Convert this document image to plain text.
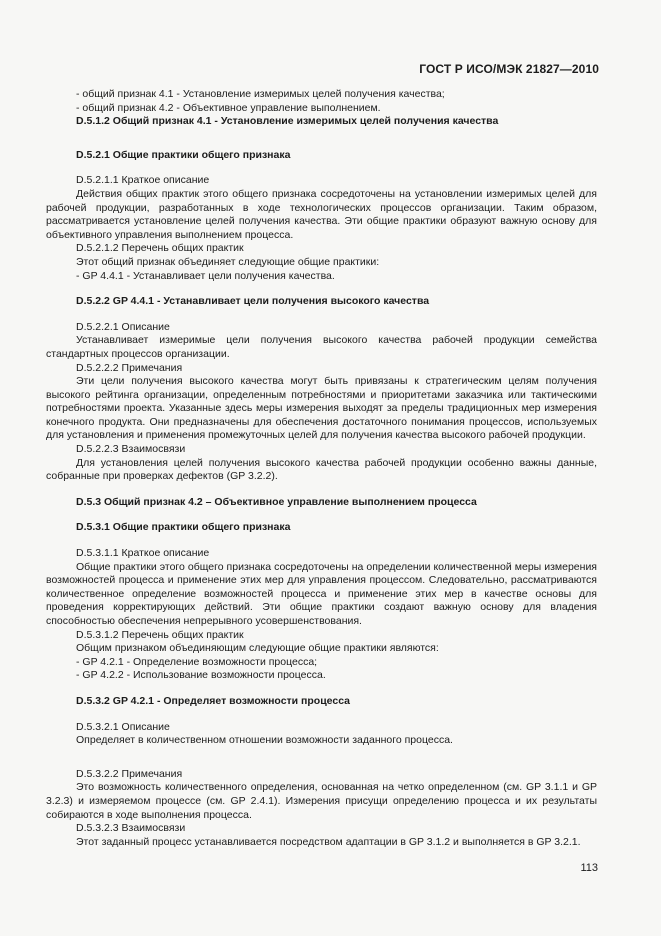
ГОСТ Р ИСО/МЭК 21827—2010

- общий признак 4.1 - Установление измеримых целей получения качества;

- общий признак 4.2 - Объективное управление выполнением.

D.5.1.2 Общий признак 4.1 - Установление измеримых целей получения качества

D.5.2.1 Общие практики общего признака

D.5.2.1.1 Краткое описание

Действия общих практик этого общего признака сосредоточены на установлении измеримых целей для рабочей продукции, разработанных в ходе технологических процессов организации. Таким образом, рассматривается установление целей получения качества. Эти общие практики образуют важную основу для объективного управления выполнением процесса.

D.5.2.1.2 Перечень общих практик

Этот общий признак объединяет следующие общие практики:

- GP 4.4.1 - Устанавливает цели получения качества.

D.5.2.2 GP 4.4.1 - Устанавливает цели получения высокого качества

D.5.2.2.1 Описание

Устанавливает измеримые цели получения высокого качества рабочей продукции семейства стандартных процессов организации.

D.5.2.2.2 Примечания

Эти цели получения высокого качества могут быть привязаны к стратегическим целям получения высокого рейтинга организации, определенным потребностями и приоритетами заказчика или тактическими потребностями проекта. Указанные здесь меры измерения выходят за пределы традиционных мер измерения конечного продукта. Они предназначены для обеспечения достаточного понимания процессов, используемых для установления и применения промежуточных целей для получения качества высокого рабочей продукции.

D.5.2.2.3 Взаимосвязи

Для установления целей получения высокого качества рабочей продукции особенно важны данные, собранные при проверках дефектов (GP 3.2.2).

D.5.3 Общий признак 4.2 – Объективное управление выполнением процесса

D.5.3.1 Общие практики общего признака

D.5.3.1.1 Краткое описание

Общие практики этого общего признака сосредоточены на определении количественной меры измерения возможностей процесса и применение этих мер для управления процессом. Следовательно, рассматриваются количественное определение возможностей процесса и применение этих мер в качестве основы для проведения корректирующих действий. Эти общие практики создают важную основу для владения способностью обеспечения непрерывного усовершенствования.

D.5.3.1.2 Перечень общих практик

Общим признаком объединяющим следующие общие практики являются:

- GP 4.2.1 - Определение возможности процесса;

- GP 4.2.2 - Использование возможности процесса.

D.5.3.2 GP 4.2.1 - Определяет возможности процесса

D.5.3.2.1 Описание

Определяет в количественном отношении возможности заданного процесса.

D.5.3.2.2 Примечания

Это возможность количественного определения, основанная на четко определенном (см. GP 3.1.1 и GP 3.2.3) и измеряемом процессе (см. GP 2.4.1). Измерения присущи определению процесса и их результаты собираются в ходе выполнения процесса.

D.5.3.2.3 Взаимосвязи

Этот заданный процесс устанавливается посредством адаптации в GP 3.1.2 и выполняется в GP 3.2.1.

113
